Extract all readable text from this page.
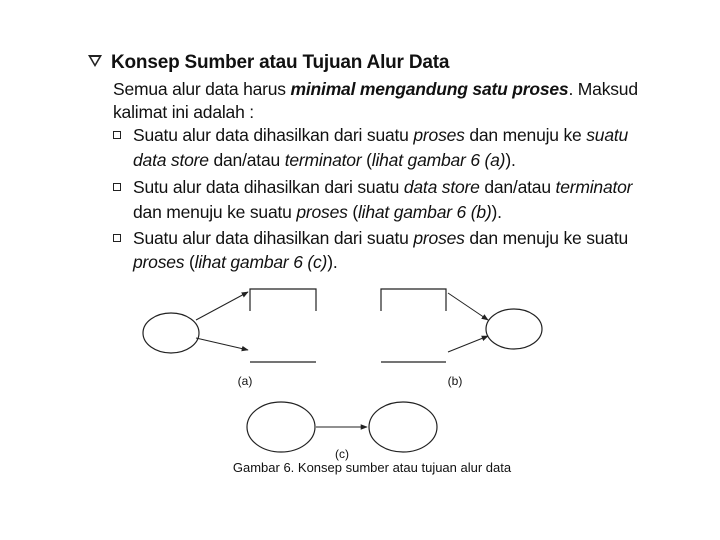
Konsep Sumber atau Tujuan Alur Data
Semua alur data harus minimal mengandung satu proses. Maksud
kalimat ini adalah :
Suatu alur data dihasilkan dari suatu proses dan menuju ke suatu
data store dan/atau terminator (lihat gambar 6 (a)).
Sutu alur data dihasilkan dari suatu data store dan/atau terminator
dan menuju ke suatu proses (lihat gambar 6 (b)).
Suatu alur data dihasilkan dari suatu proses dan menuju ke suatu
proses (lihat gambar 6 (c)).
(a)	(b)
(c)
Gambar 6. Konsep sumber atau tujuan alur data
